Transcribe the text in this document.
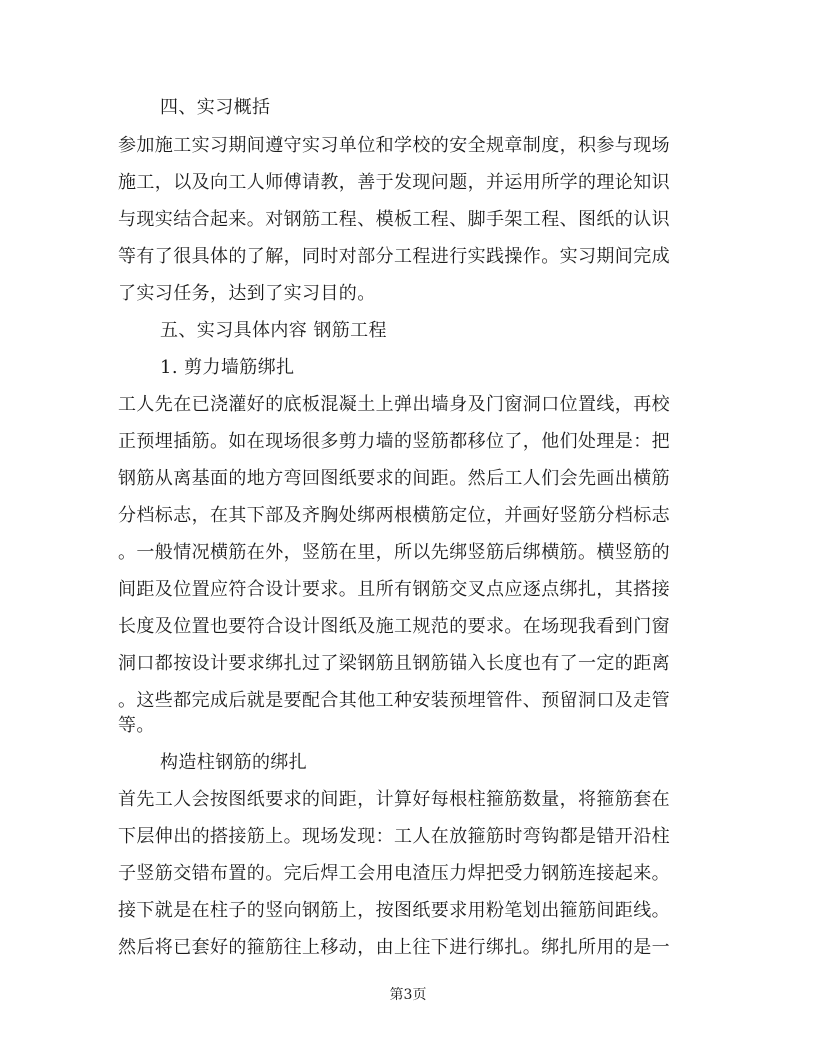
四、实习概括
参加施工实习期间遵守实习单位和学校的安全规章制度，积参与现场
施工，以及向工人师傅请教，善于发现问题，并运用所学的理论知识
与现实结合起来。对钢筋工程、模板工程、脚手架工程、图纸的认识
等有了很具体的了解，同时对部分工程进行实践操作。实习期间完成
了实习任务，达到了实习目的。
五、实习具体内容 钢筋工程
1. 剪力墙筋绑扎
工人先在已浇灌好的底板混凝土上弹出墙身及门窗洞口位置线，再校
正预埋插筋。如在现场很多剪力墙的竖筋都移位了，他们处理是：把
钢筋从离基面的地方弯回图纸要求的间距。然后工人们会先画出横筋
分档标志，在其下部及齐胸处绑两根横筋定位，并画好竖筋分档标志
。一般情况横筋在外，竖筋在里，所以先绑竖筋后绑横筋。横竖筋的
间距及位置应符合设计要求。且所有钢筋交叉点应逐点绑扎，其搭接
长度及位置也要符合设计图纸及施工规范的要求。在场现我看到门窗
洞口都按设计要求绑扎过了梁钢筋且钢筋锚入长度也有了一定的距离
。这些都完成后就是要配合其他工种安装预埋管件、预留洞口及走管
等。
构造柱钢筋的绑扎
首先工人会按图纸要求的间距，计算好每根柱箍筋数量，将箍筋套在
下层伸出的搭接筋上。现场发现：工人在放箍筋时弯钩都是错开沿柱
子竖筋交错布置的。完后焊工会用电渣压力焊把受力钢筋连接起来。
接下就是在柱子的竖向钢筋上，按图纸要求用粉笔划出箍筋间距线。
然后将已套好的箍筋往上移动，由上往下进行绑扎。绑扎所用的是一
第3页
